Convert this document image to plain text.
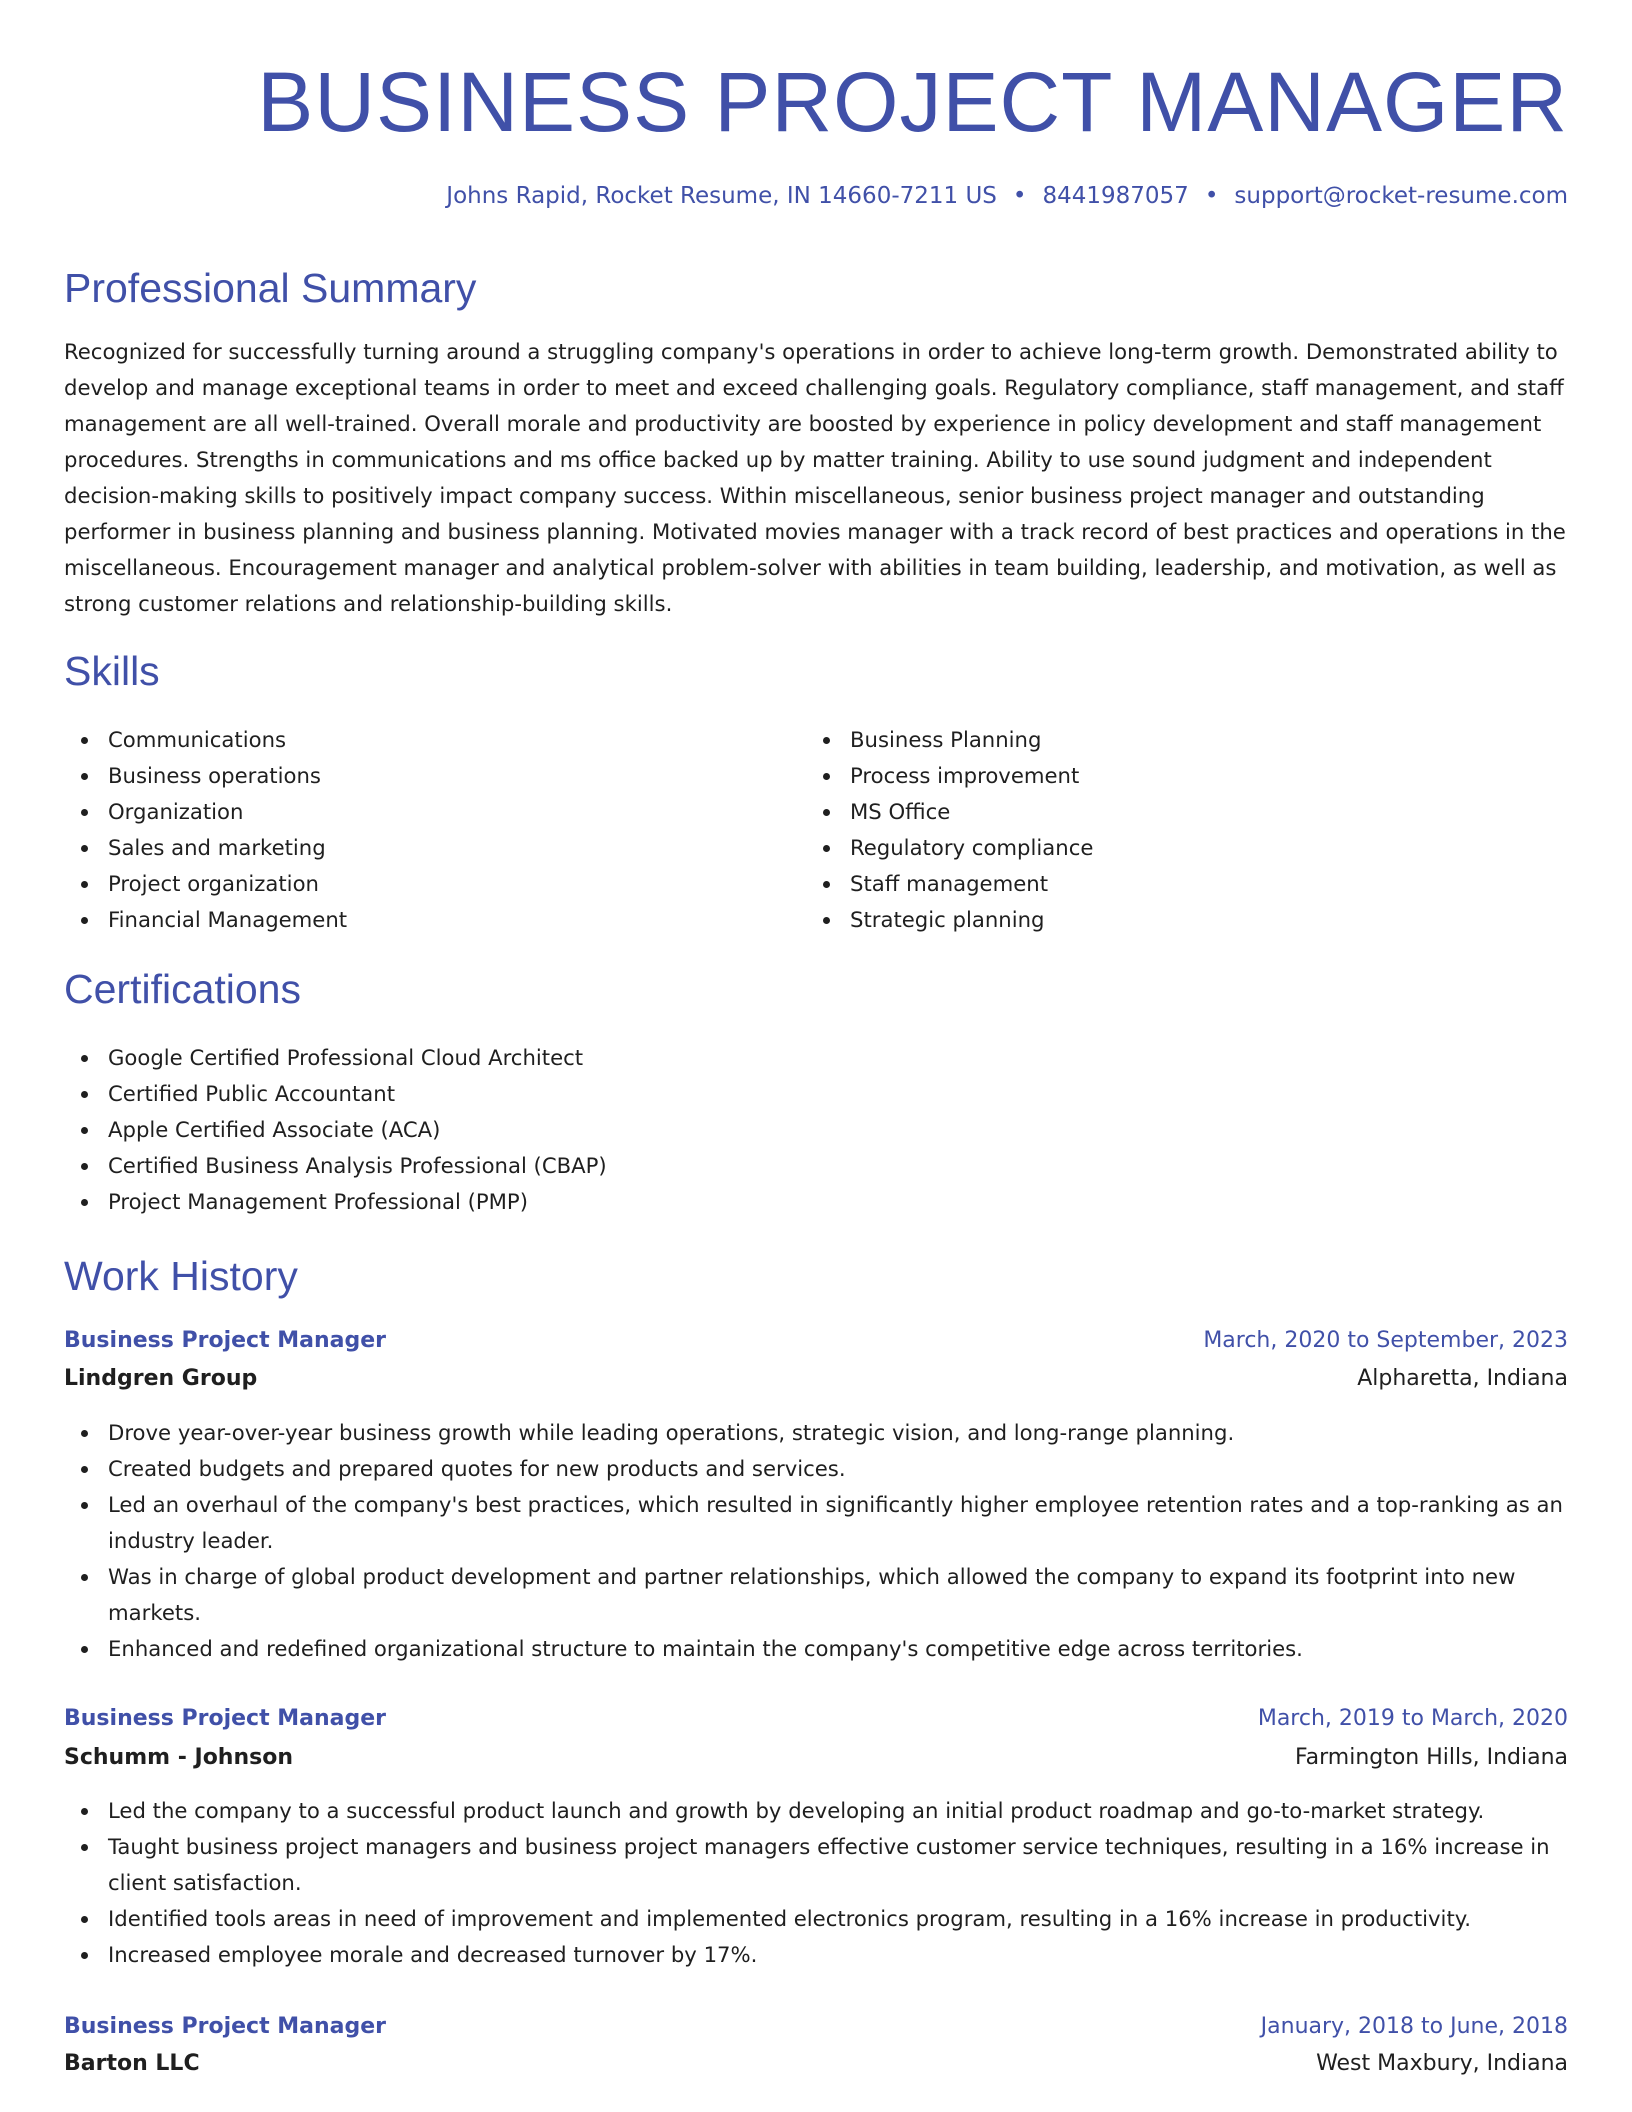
BUSINESS PROJECT MANAGER
Johns Rapid, Rocket Resume, IN 14660-7211 US • 8441987057 • support@rocket-resume.com
Professional Summary

Recognized for successfully turning around a struggling company's operations in order to achieve long-term growth. Demonstrated ability to develop and manage exceptional teams in order to meet and exceed challenging goals. Regulatory compliance, staff management, and staff management are all well-trained. Overall morale and productivity are boosted by experience in policy development and staff management procedures. Strengths in communications and ms office backed up by matter training. Ability to use sound judgment and independent decision-making skills to positively impact company success. Within miscellaneous, senior business project manager and outstanding performer in business planning and business planning. Motivated movies manager with a track record of best practices and operations in the miscellaneous. Encouragement manager and analytical problem-solver with abilities in team building, leadership, and motivation, as well as strong customer relations and relationship-building skills.

Skills
Communications
Business operations
Organization
Sales and marketing
Project organization
Financial Management
Business Planning
Process improvement
MS Office
Regulatory compliance
Staff management
Strategic planning
Certifications
Google Certified Professional Cloud Architect
Certified Public Accountant
Apple Certified Associate (ACA)
Certified Business Analysis Professional (CBAP)
Project Management Professional (PMP)
Work History
Business Project Manager	March, 2020 to September, 2023
Lindgren Group	Alpharetta, Indiana
Drove year-over-year business growth while leading operations, strategic vision, and long-range planning.
Created budgets and prepared quotes for new products and services.
Led an overhaul of the company's best practices, which resulted in significantly higher employee retention rates and a top-ranking as an industry leader.
Was in charge of global product development and partner relationships, which allowed the company to expand its footprint into new markets.
Enhanced and redefined organizational structure to maintain the company's competitive edge across territories.
Business Project Manager	March, 2019 to March, 2020
Schumm - Johnson	Farmington Hills, Indiana
Led the company to a successful product launch and growth by developing an initial product roadmap and go-to-market strategy.
Taught business project managers and business project managers effective customer service techniques, resulting in a 16% increase in client satisfaction.
Identified tools areas in need of improvement and implemented electronics program, resulting in a 16% increase in productivity.
Increased employee morale and decreased turnover by 17%.
Business Project Manager	January, 2018 to June, 2018
Barton LLC	West Maxbury, Indiana
